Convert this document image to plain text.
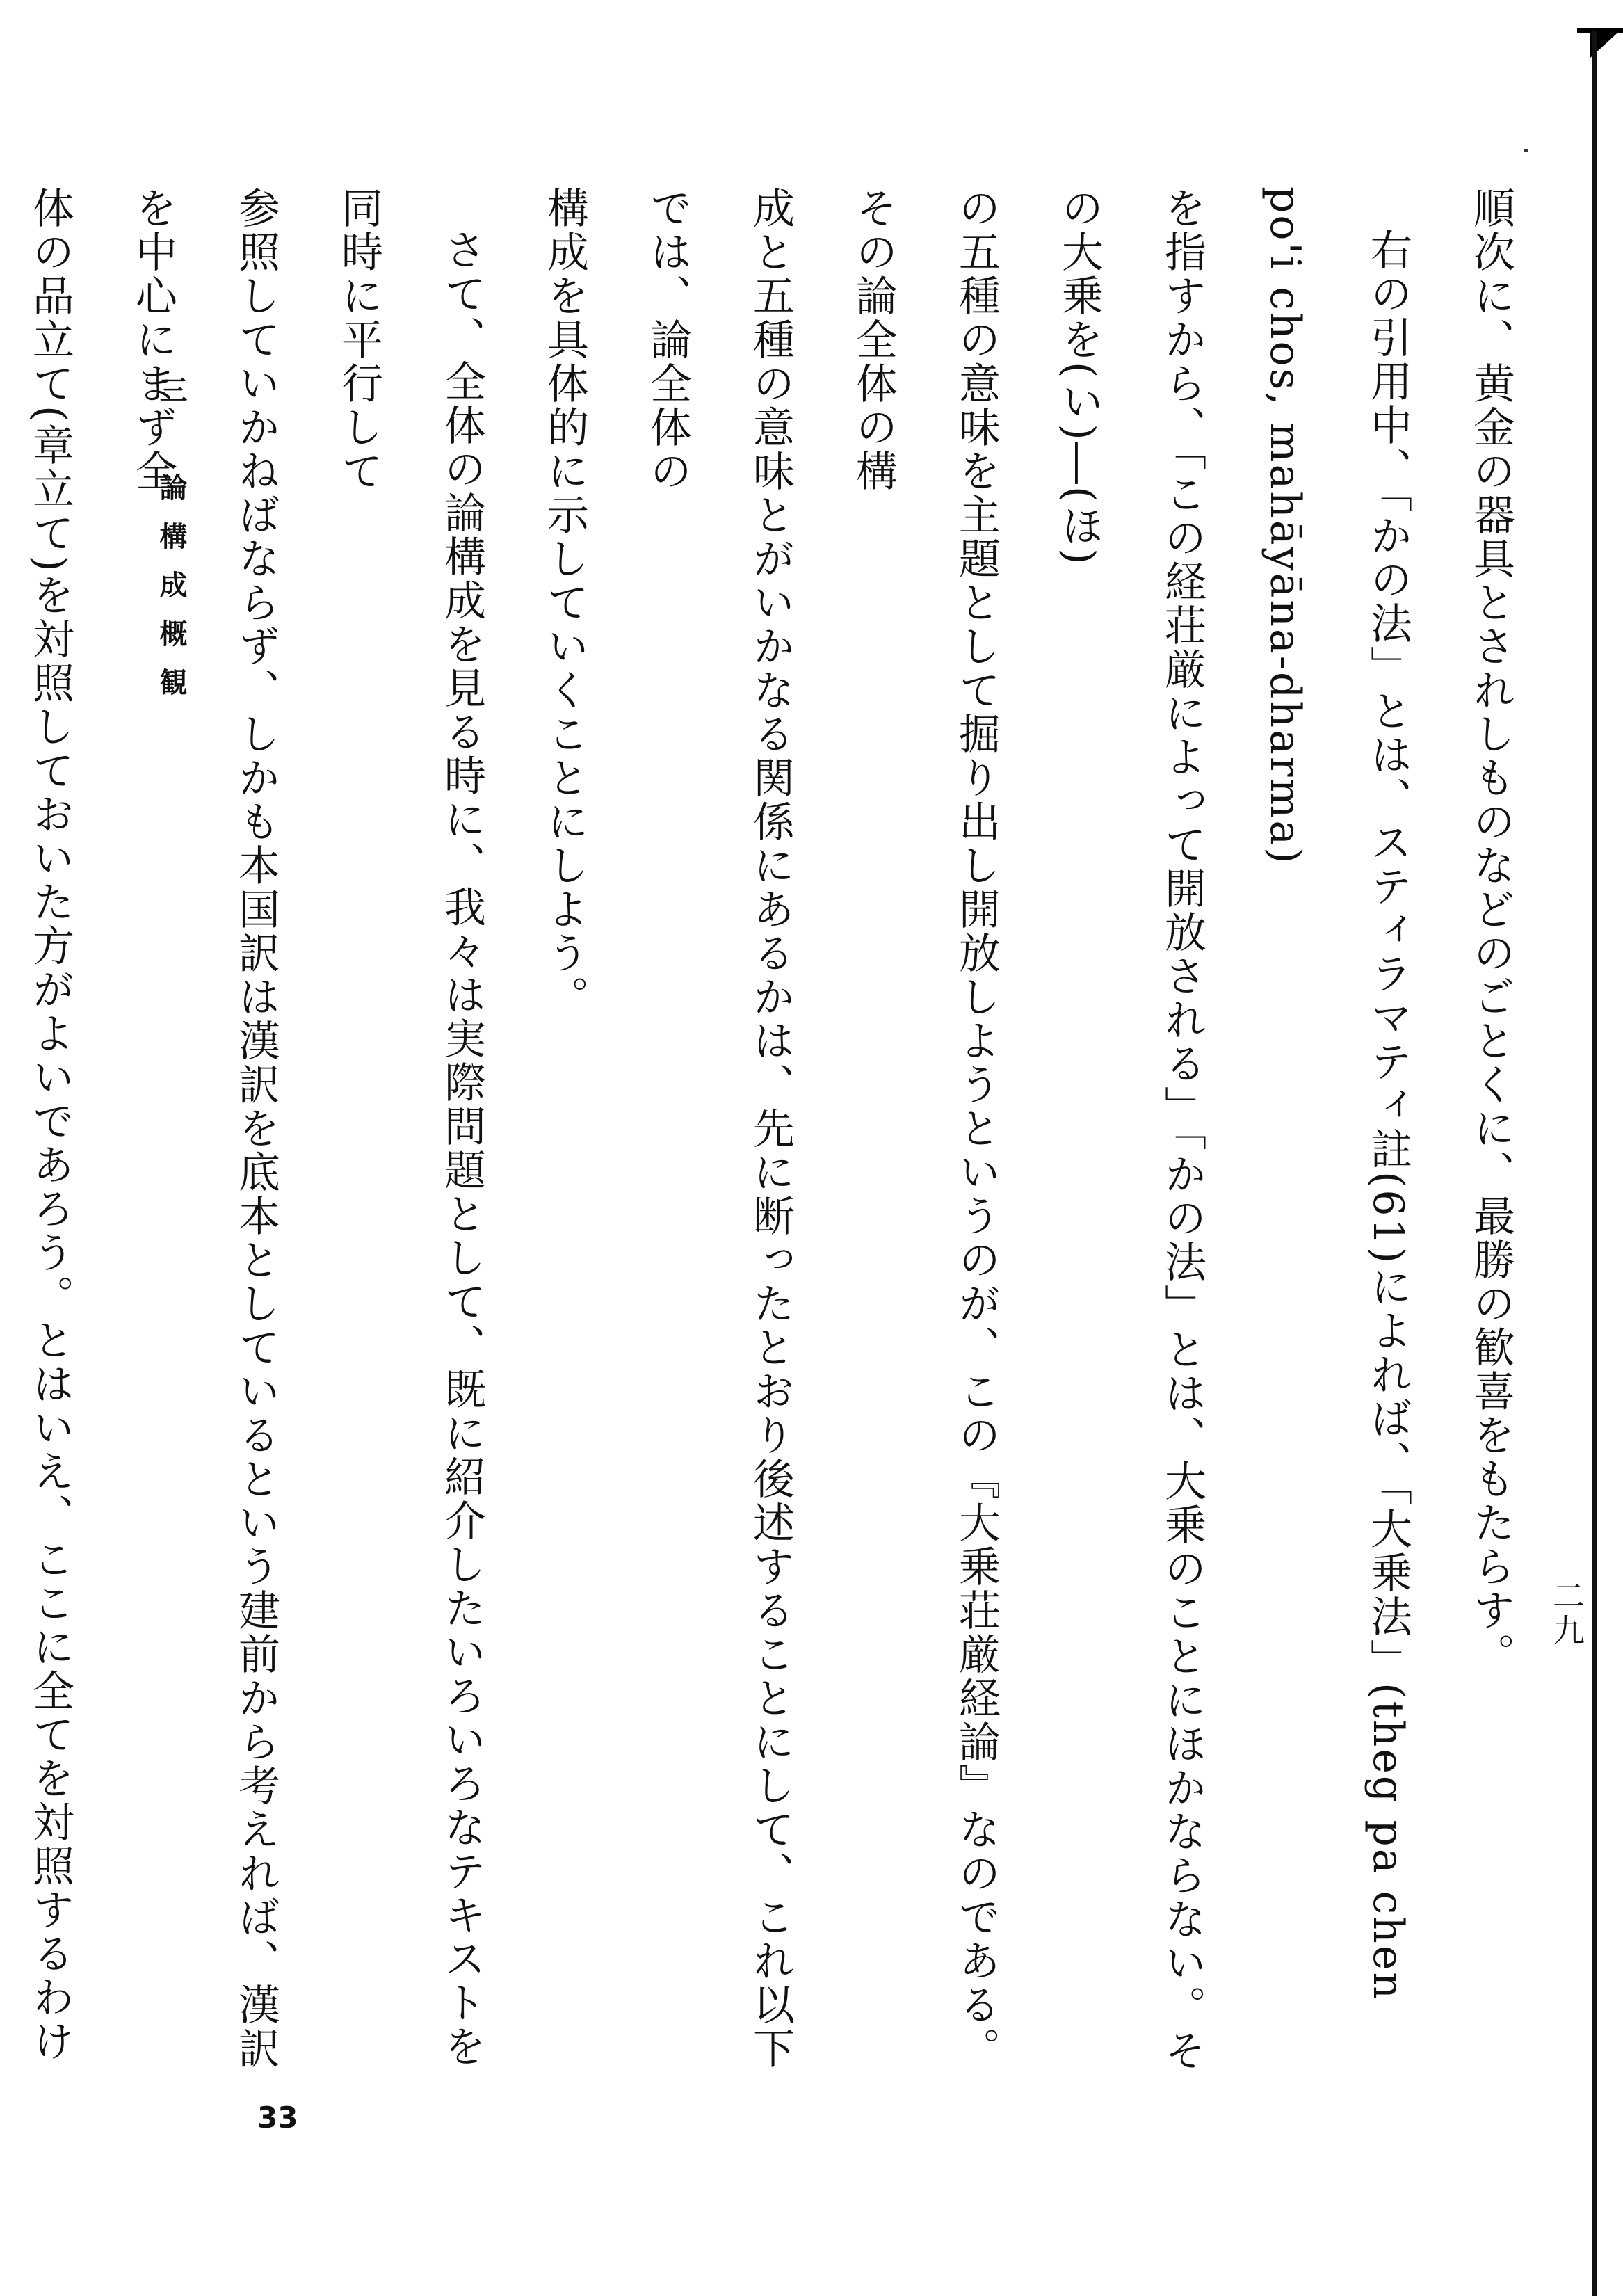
順次に、黄金の器具とされしものなどのごとくに、最勝の歓喜をもたらす。

右の引用中、「かの法」とは、スティラマティ註(61)によれば、「大乗法」(theg pa chen po'i chos, mahāyāna-dharma)
を指すから、「この経荘厳によって開放される」「かの法」とは、大乗のことにほかならない。その大乗を(い)―(ほ)
の五種の意味を主題として掘り出し開放しようというのが、この『大乗荘厳経論』なのである。その論全体の構
成と五種の意味とがいかなる関係にあるかは、先に断ったとおり後述することにして、これ以下では、論全体の
構成を具体的に示していくことにしよう。

さて、全体の論構成を見る時に、我々は実際問題として、既に紹介したいろいろなテキストを同時に平行して
参照していかねばならず、しかも本国訳は漢訳を底本としているという建前から考えれば、漢訳を中心にまず全
体の品立て(章立て)を対照しておいた方がよいであろう。とはいえ、ここに全てを対照するわけ

三　論構成概観
二九
33
